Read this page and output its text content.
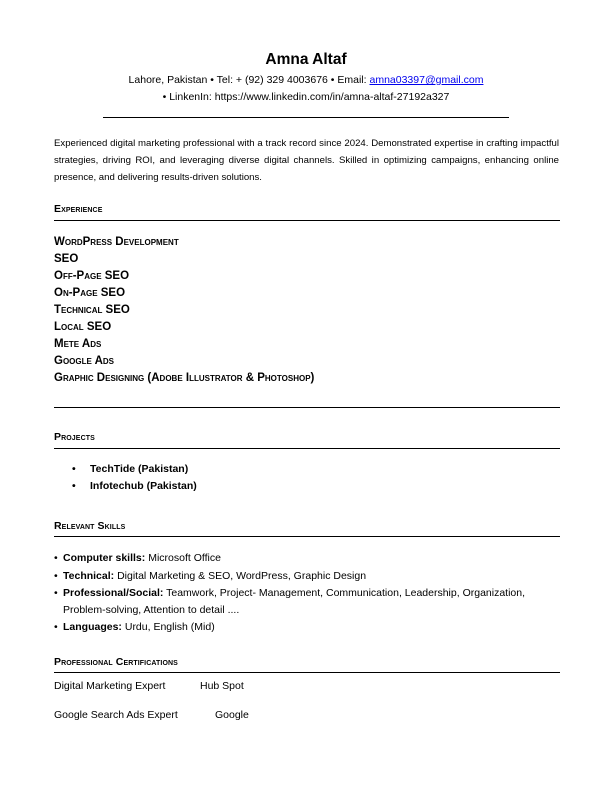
Amna Altaf
Lahore, Pakistan • Tel: + (92) 329 4003676 • Email: amna03397@gmail.com
• LinkenIn: https://www.linkedin.com/in/amna-altaf-27192a327
Experienced digital marketing professional with a track record since 2024. Demonstrated expertise in crafting impactful strategies, driving ROI, and leveraging diverse digital channels. Skilled in optimizing campaigns, enhancing online presence, and delivering results-driven solutions.
Experience
WordPress Development
SEO
Off-Page SEO
On-Page SEO
Technical SEO
Local SEO
Mete Ads
Google Ads
Graphic Designing (Adobe Illustrator & Photoshop)
Projects
• TechTide (Pakistan)
• Infotechub (Pakistan)
Relevant Skills
• Computer skills: Microsoft Office
• Technical: Digital Marketing & SEO, WordPress, Graphic Design
• Professional/Social: Teamwork, Project- Management, Communication, Leadership, Organization,
Problem-solving, Attention to detail ....
• Languages: Urdu, English (Mid)
Professional Certifications
Digital Marketing Expert	Hub Spot
Google Search Ads Expert	Google
